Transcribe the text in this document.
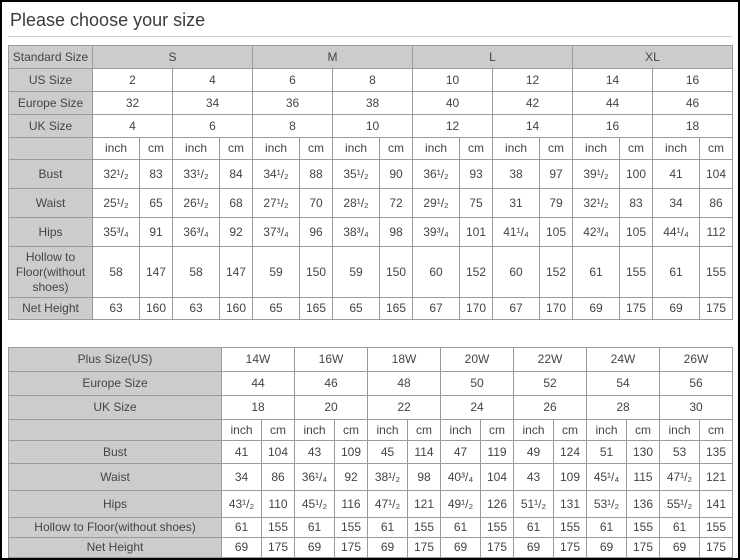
Please choose your size
Standard Size	S				M				L				XL			
US Size	2		4		6		8		10		12		14		16	
Europe Size	32		34		36		38		40		42		44		46	
UK Size	4		6		8		10		12		14		16		18	
	inch	cm	inch	cm	inch	cm	inch	cm	inch	cm	inch	cm	inch	cm	inch	cm
Bust	32¹/₂	83	33¹/₂	84	34¹/₂	88	35¹/₂	90	36¹/₂	93	38	97	39¹/₂	100	41	104
Waist	25¹/₂	65	26¹/₂	68	27¹/₂	70	28¹/₂	72	29¹/₂	75	31	79	32¹/₂	83	34	86
Hips	35³/₄	91	36³/₄	92	37³/₄	96	38³/₄	98	39³/₄	101	41¹/₄	105	42³/₄	105	44¹/₄	112
Hollow to Floor(without shoes)	58	147	58	147	59	150	59	150	60	152	60	152	61	155	61	155
Net Height	63	160	63	160	65	165	65	165	67	170	67	170	69	175	69	175
Plus Size(US)	14W		16W		18W		20W		22W		24W		26W	
Europe Size	44		46		48		50		52		54		56	
UK Size	18		20		22		24		26		28		30	
	inch	cm	inch	cm	inch	cm	inch	cm	inch	cm	inch	cm	inch	cm
Bust	41	104	43	109	45	114	47	119	49	124	51	130	53	135
Waist	34	86	36¹/₄	92	38¹/₂	98	40³/₄	104	43	109	45¹/₄	115	47¹/₂	121
Hips	43¹/₂	110	45¹/₂	116	47¹/₂	121	49¹/₂	126	51¹/₂	131	53¹/₂	136	55¹/₂	141
Hollow to Floor(without shoes)	61	155	61	155	61	155	61	155	61	155	61	155	61	155
Net Height	69	175	69	175	69	175	69	175	69	175	69	175	69	175
